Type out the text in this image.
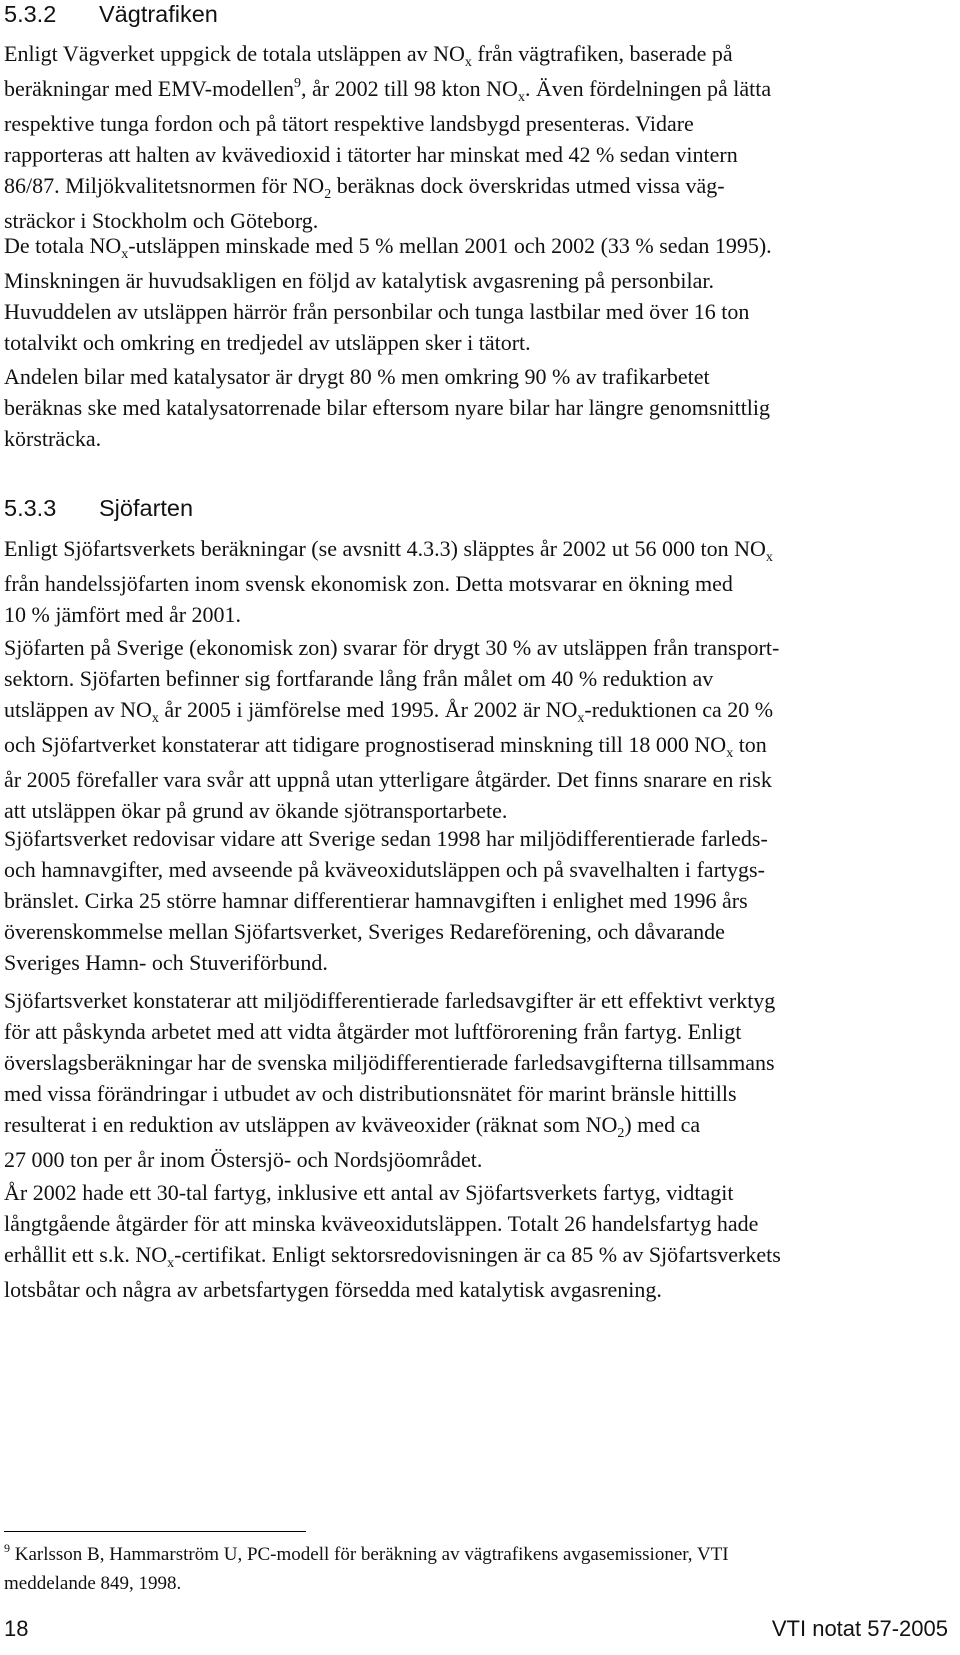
5.3.2 Vägtrafiken

Enligt Vägverket uppgick de totala utsläppen av $NO_x$ från vägtrafiken, baserade på
beräkningar med EMV-modellen$^9$, år 2002 till 98 kton $NO_x$. Även fördelningen på lätta
respektive tunga fordon och på tätort respektive landsbygd presenteras. Vidare
rapporteras att halten av kvävedioxid i tätorter har minskat med 42 % sedan vintern
86/87. Miljökvalitetsnormen för $NO_2$ beräknas dock överskridas utmed vissa väg-
sträckor i Stockholm och Göteborg.

De totala $NO_x$-utsläppen minskade med 5 % mellan 2001 och 2002 (33 % sedan 1995).
Minskningen är huvudsakligen en följd av katalytisk avgasrening på personbilar.
Huvuddelen av utsläppen härrör från personbilar och tunga lastbilar med över 16 ton
totalvikt och omkring en tredjedel av utsläppen sker i tätort.

Andelen bilar med katalysator är drygt 80 % men omkring 90 % av trafikarbetet
beräknas ske med katalysatorrenade bilar eftersom nyare bilar har längre genomsnittlig
körsträcka.

5.3.3 Sjöfarten

Enligt Sjöfartsverkets beräkningar (se avsnitt 4.3.3) släpptes år 2002 ut 56 000 ton $NO_x$
från handelssjöfarten inom svensk ekonomisk zon. Detta motsvarar en ökning med
10 % jämfört med år 2001.

Sjöfarten på Sverige (ekonomisk zon) svarar för drygt 30 % av utsläppen från transport-
sektorn. Sjöfarten befinner sig fortfarande lång från målet om 40 % reduktion av
utsläppen av $NO_x$ år 2005 i jämförelse med 1995. År 2002 är $NO_x$-reduktionen ca 20 %
och Sjöfartverket konstaterar att tidigare prognostiserad minskning till 18 000 $NO_x$ ton
år 2005 förefaller vara svår att uppnå utan ytterligare åtgärder. Det finns snarare en risk
att utsläppen ökar på grund av ökande sjötransportarbete.

Sjöfartsverket redovisar vidare att Sverige sedan 1998 har miljödifferentierade farleds-
och hamnavgifter, med avseende på kväveoxidutsläppen och på svavelhalten i fartygs-
bränslet. Cirka 25 större hamnar differentierar hamnavgiften i enlighet med 1996 års
överenskommelse mellan Sjöfartsverket, Sveriges Redareförening, och dåvarande
Sveriges Hamn- och Stuveriförbund.

Sjöfartsverket konstaterar att miljödifferentierade farledsavgifter är ett effektivt verktyg
för att påskynda arbetet med att vidta åtgärder mot luftförorening från fartyg. Enligt
överslagsberäkningar har de svenska miljödifferentierade farledsavgifterna tillsammans
med vissa förändringar i utbudet av och distributionsnätet för marint bränsle hittills
resulterat i en reduktion av utsläppen av kväveoxider (räknat som $NO_2$) med ca
27 000 ton per år inom Östersjö- och Nordsjöområdet.

År 2002 hade ett 30-tal fartyg, inklusive ett antal av Sjöfartsverkets fartyg, vidtagit
långtgående åtgärder för att minska kväveoxidutsläppen. Totalt 26 handelsfartyg hade
erhållit ett s.k. $NO_x$-certifikat. Enligt sektorsredovisningen är ca 85 % av Sjöfartsverkets
lotsbåtar och några av arbetsfartygen försedda med katalytisk avgasrening.

$^9$ Karlsson B, Hammarström U, PC-modell för beräkning av vägtrafikens avgasemissioner, VTI
meddelande 849, 1998.
18	VTI notat 57-2005
